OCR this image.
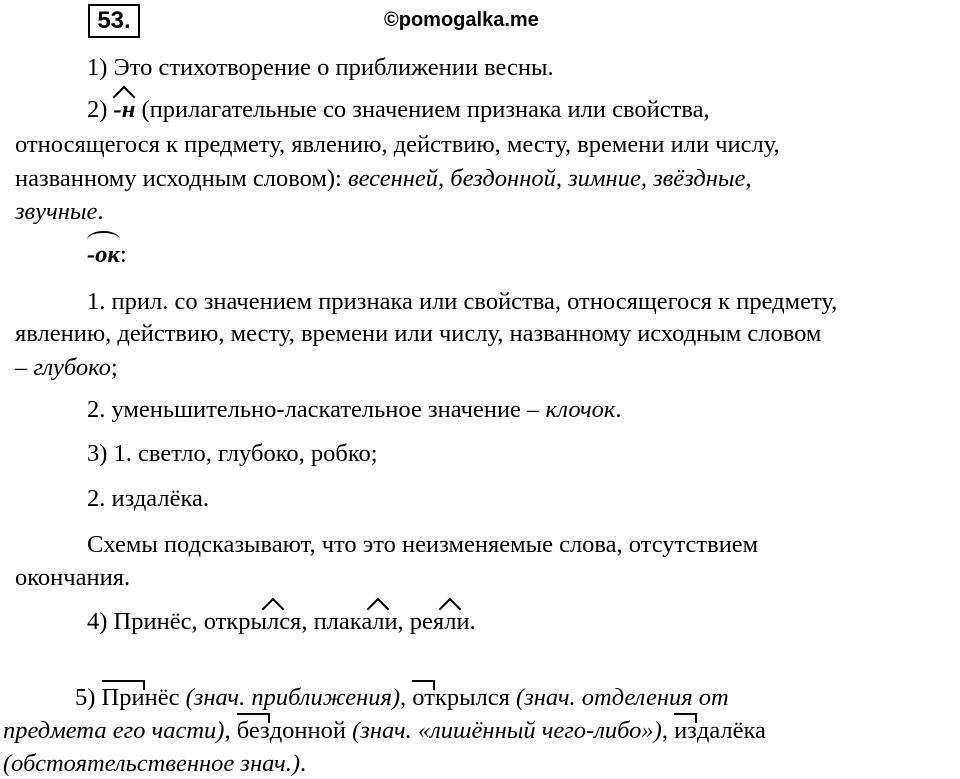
53.	©pomogalka.me
1) Это стихотворение о приближении весны.
2) -н (прилагательные со значением признака или свойства,
относящегося к предмету, явлению, действию, месту, времени или числу,
названному исходным словом): весенней, бездонной, зимние, звёздные,
звучные.
-ок:
1. прил. со значением признака или свойства, относящегося к предмету,
явлению, действию, месту, времени или числу, названному исходным словом
– глубоко;
2. уменьшительно-ласкательное значение – клочок.
3) 1. светло, глубоко, робко;
2. издалёка.
Схемы подсказывают, что это неизменяемые слова, отсутствием
окончания.
4) Принёс, открылся, плакали, реяли.
5) Принёс (знач. приближения), открылся (знач. отделения от
предмета его части), бездонной (знач. «лишённый чего-либо»), издалёка
(обстоятельственное знач.).
